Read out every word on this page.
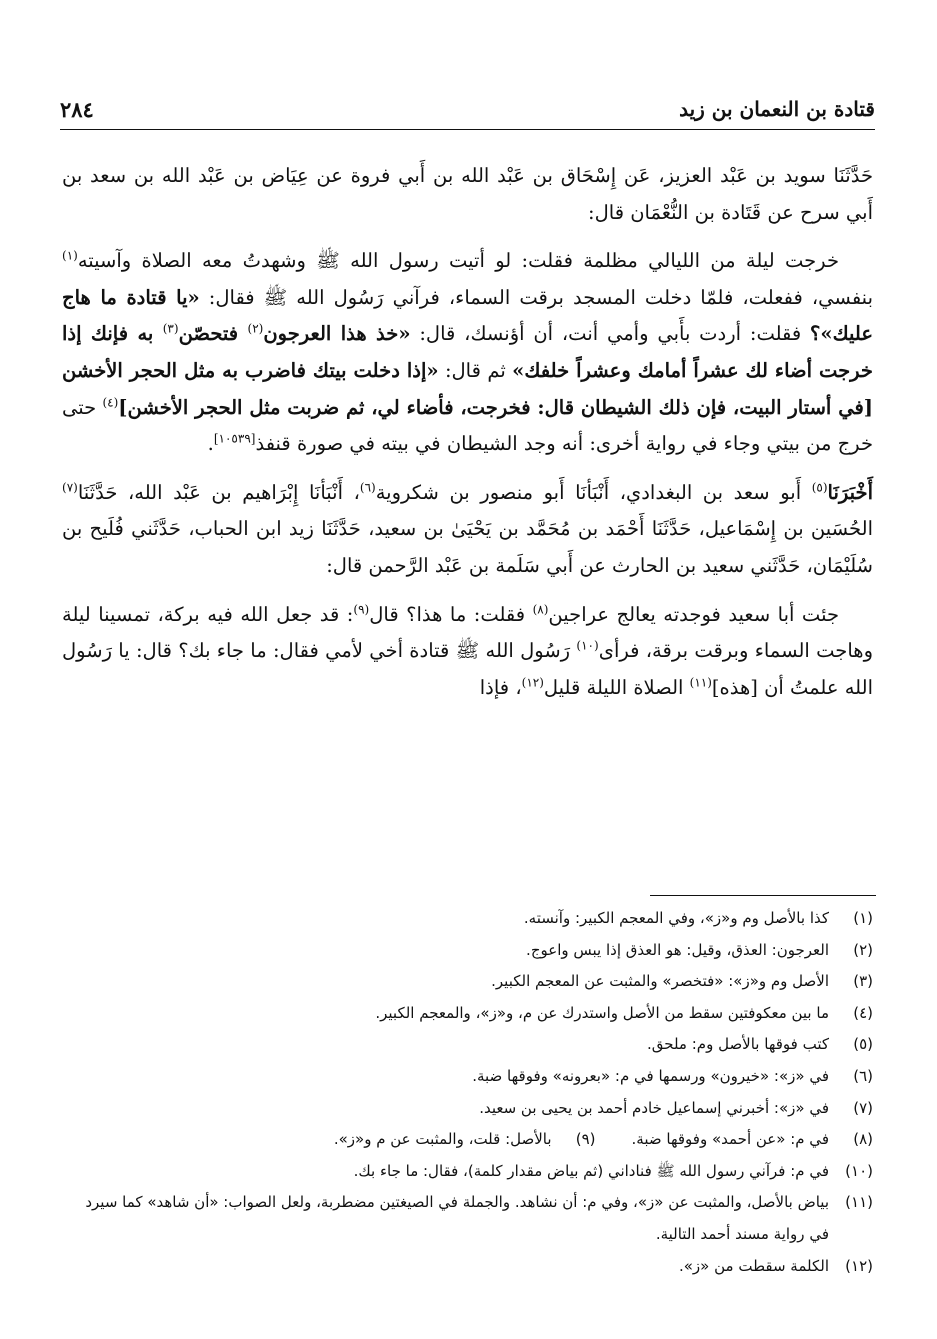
٢٨٤	قتادة بن النعمان بن زيد

حَدَّثَنَا سويد بن عَبْد العزيز، عَن إِسْحَاق بن عَبْد الله بن أَبي فروة عن عِيَاض بن عَبْد الله بن سعد بن أَبي سرح عن قَتَادة بن النُّعْمَان قال:

خرجت ليلة من الليالي مظلمة فقلت: لو أتيت رسول الله ﷺ وشهدتُ معه الصلاة وآسيته$^{(١)}$ بنفسي، ففعلت، فلمّا دخلت المسجد برقت السماء، فرآني رَسُول الله ﷺ فقال: «يا قتادة ما هاج عليك»؟ فقلت: أردت بأَبي وأمي أنت، أن أؤنسك، قال: «خذ هذا العرجون$^{(٢)}$ فتحصّن$^{(٣)}$ به فإنك إذا خرجت أضاء لك عشراً أمامك وعشراً خلفك» ثم قال: «إذا دخلت بيتك فاضرب به مثل الحجر الأخشن [في أستار البيت، فإن ذلك الشيطان قال: فخرجت، فأضاء لي، ثم ضربت مثل الحجر الأخشن]$^{(٤)}$ حتى خرج من بيتي وجاء في رواية أخرى: أنه وجد الشيطان في بيته في صورة قنفذ[١٠٥٣٩].

أَخْبَرَنَا$^{(٥)}$ أَبو سعد بن البغدادي، أَنْبَأنَا أَبو منصور بن شكروية$^{(٦)}$، أَنْبَأنَا إِبْرَاهيم بن عَبْد الله، حَدَّثَنَا$^{(٧)}$ الحُسَين بن إِسْمَاعيل، حَدَّثَنَا أَحْمَد بن مُحَمَّد بن يَحْيَىٰ بن سعيد، حَدَّثَنَا زيد ابن الحباب، حَدَّثَني فُلَيح بن سُلَيْمَان، حَدَّثَني سعيد بن الحارث عن أَبي سَلَمة بن عَبْد الرَّحمن قال:

جئت أبا سعيد فوجدته يعالج عراجين$^{(٨)}$ فقلت: ما هذا؟ قال$^{(٩)}$: قد جعل الله فيه بركة، تمسينا ليلة وهاجت السماء وبرقت برقة، فرأى$^{(١٠)}$ رَسُول الله ﷺ قتادة أخي لأمي فقال: ما جاء بك؟ قال: يا رَسُول الله علمتُ أن [هذه]$^{(١١)}$ الصلاة الليلة قليل$^{(١٢)}$، فإذا

(١)
كذا بالأصل وم و«ز»، وفي المعجم الكبير: وآنسته.
(٢)
العرجون: العذق، وقيل: هو العذق إذا يبس واعوج.
(٣)
الأصل وم و«ز»: «فتخصر» والمثبت عن المعجم الكبير.
(٤)
ما بين معكوفتين سقط من الأصل واستدرك عن م، و«ز»، والمعجم الكبير.
(٥)
كتب فوقها بالأصل وم: ملحق.
(٦)
في «ز»: «خيرون» ورسمها في م: «بعرونه» وفوقها ضبة.
(٧)
في «ز»: أخبرني إسماعيل خادم أحمد بن يحيى بن سعيد.
(٨)
في م: «عن أحمد» وفوقها ضبة.
(٩)
بالأصل: قلت، والمثبت عن م و«ز».
(١٠)
في م: فرآني رسول الله ﷺ فناداني (ثم بياض مقدار كلمة)، فقال: ما جاء بك.
(١١)
بياض بالأصل، والمثبت عن «ز»، وفي م: أن نشاهد. والجملة في الصيغتين مضطربة، ولعل الصواب: «أن شاهد» كما سيرد في رواية مسند أحمد التالية.
(١٢)
الكلمة سقطت من «ز».
